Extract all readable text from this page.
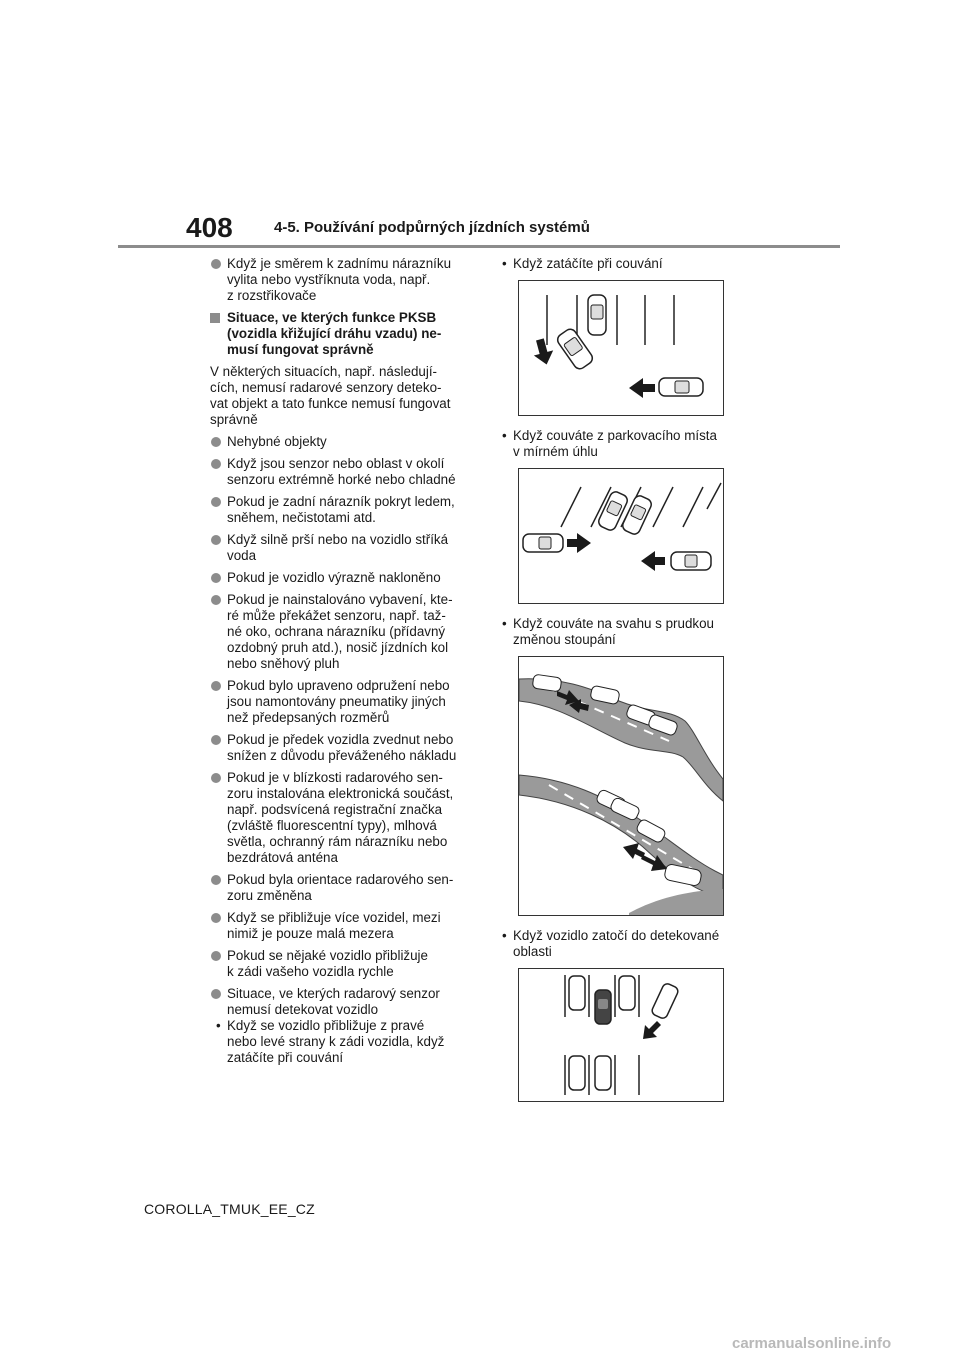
408	4-5. Používání podpůrných jízdních systémů
Když je směrem k zadnímu nárazníku
vylita nebo vystříknuta voda, např.
z rozstřikovače
Situace, ve kterých funkce PKSB
(vozidla křižující dráhu vzadu) ne-
musí fungovat správně
V některých situacích, např. následují-
cích, nemusí radarové senzory deteko-
vat objekt a tato funkce nemusí fungovat
správně
Nehybné objekty
Když jsou senzor nebo oblast v okolí
senzoru extrémně horké nebo chladné
Pokud je zadní nárazník pokryt ledem,
sněhem, nečistotami atd.
Když silně prší nebo na vozidlo stříká
voda
Pokud je vozidlo výrazně nakloněno
Pokud je nainstalováno vybavení, kte-
ré může překážet senzoru, např. taž-
né oko, ochrana nárazníku (přídavný
ozdobný pruh atd.), nosič jízdních kol
nebo sněhový pluh
Pokud bylo upraveno odpružení nebo
jsou namontovány pneumatiky jiných
než předepsaných rozměrů
Pokud je předek vozidla zvednut nebo
snížen z důvodu převáženého nákladu
Pokud je v blízkosti radarového sen-
zoru instalována elektronická součást,
např. podsvícená registrační značka
(zvláště fluorescentní typy), mlhová
světla, ochranný rám nárazníku nebo
bezdrátová anténa
Pokud byla orientace radarového sen-
zoru změněna
Když se přibližuje více vozidel, mezi
nimiž je pouze malá mezera
Pokud se nějaké vozidlo přibližuje
k zádi vašeho vozidla rychle
Situace, ve kterých radarový senzor
nemusí detekovat vozidlo
• Když se vozidlo přibližuje z pravé
nebo levé strany k zádi vozidla, když
zatáčíte při couvání
• Když zatáčíte při couvání
• Když couváte z parkovacího místa
v mírném úhlu
• Když couváte na svahu s prudkou
změnou stoupání
• Když vozidlo zatočí do detekované
oblasti
COROLLA_TMUK_EE_CZ
carmanualsonline.info
